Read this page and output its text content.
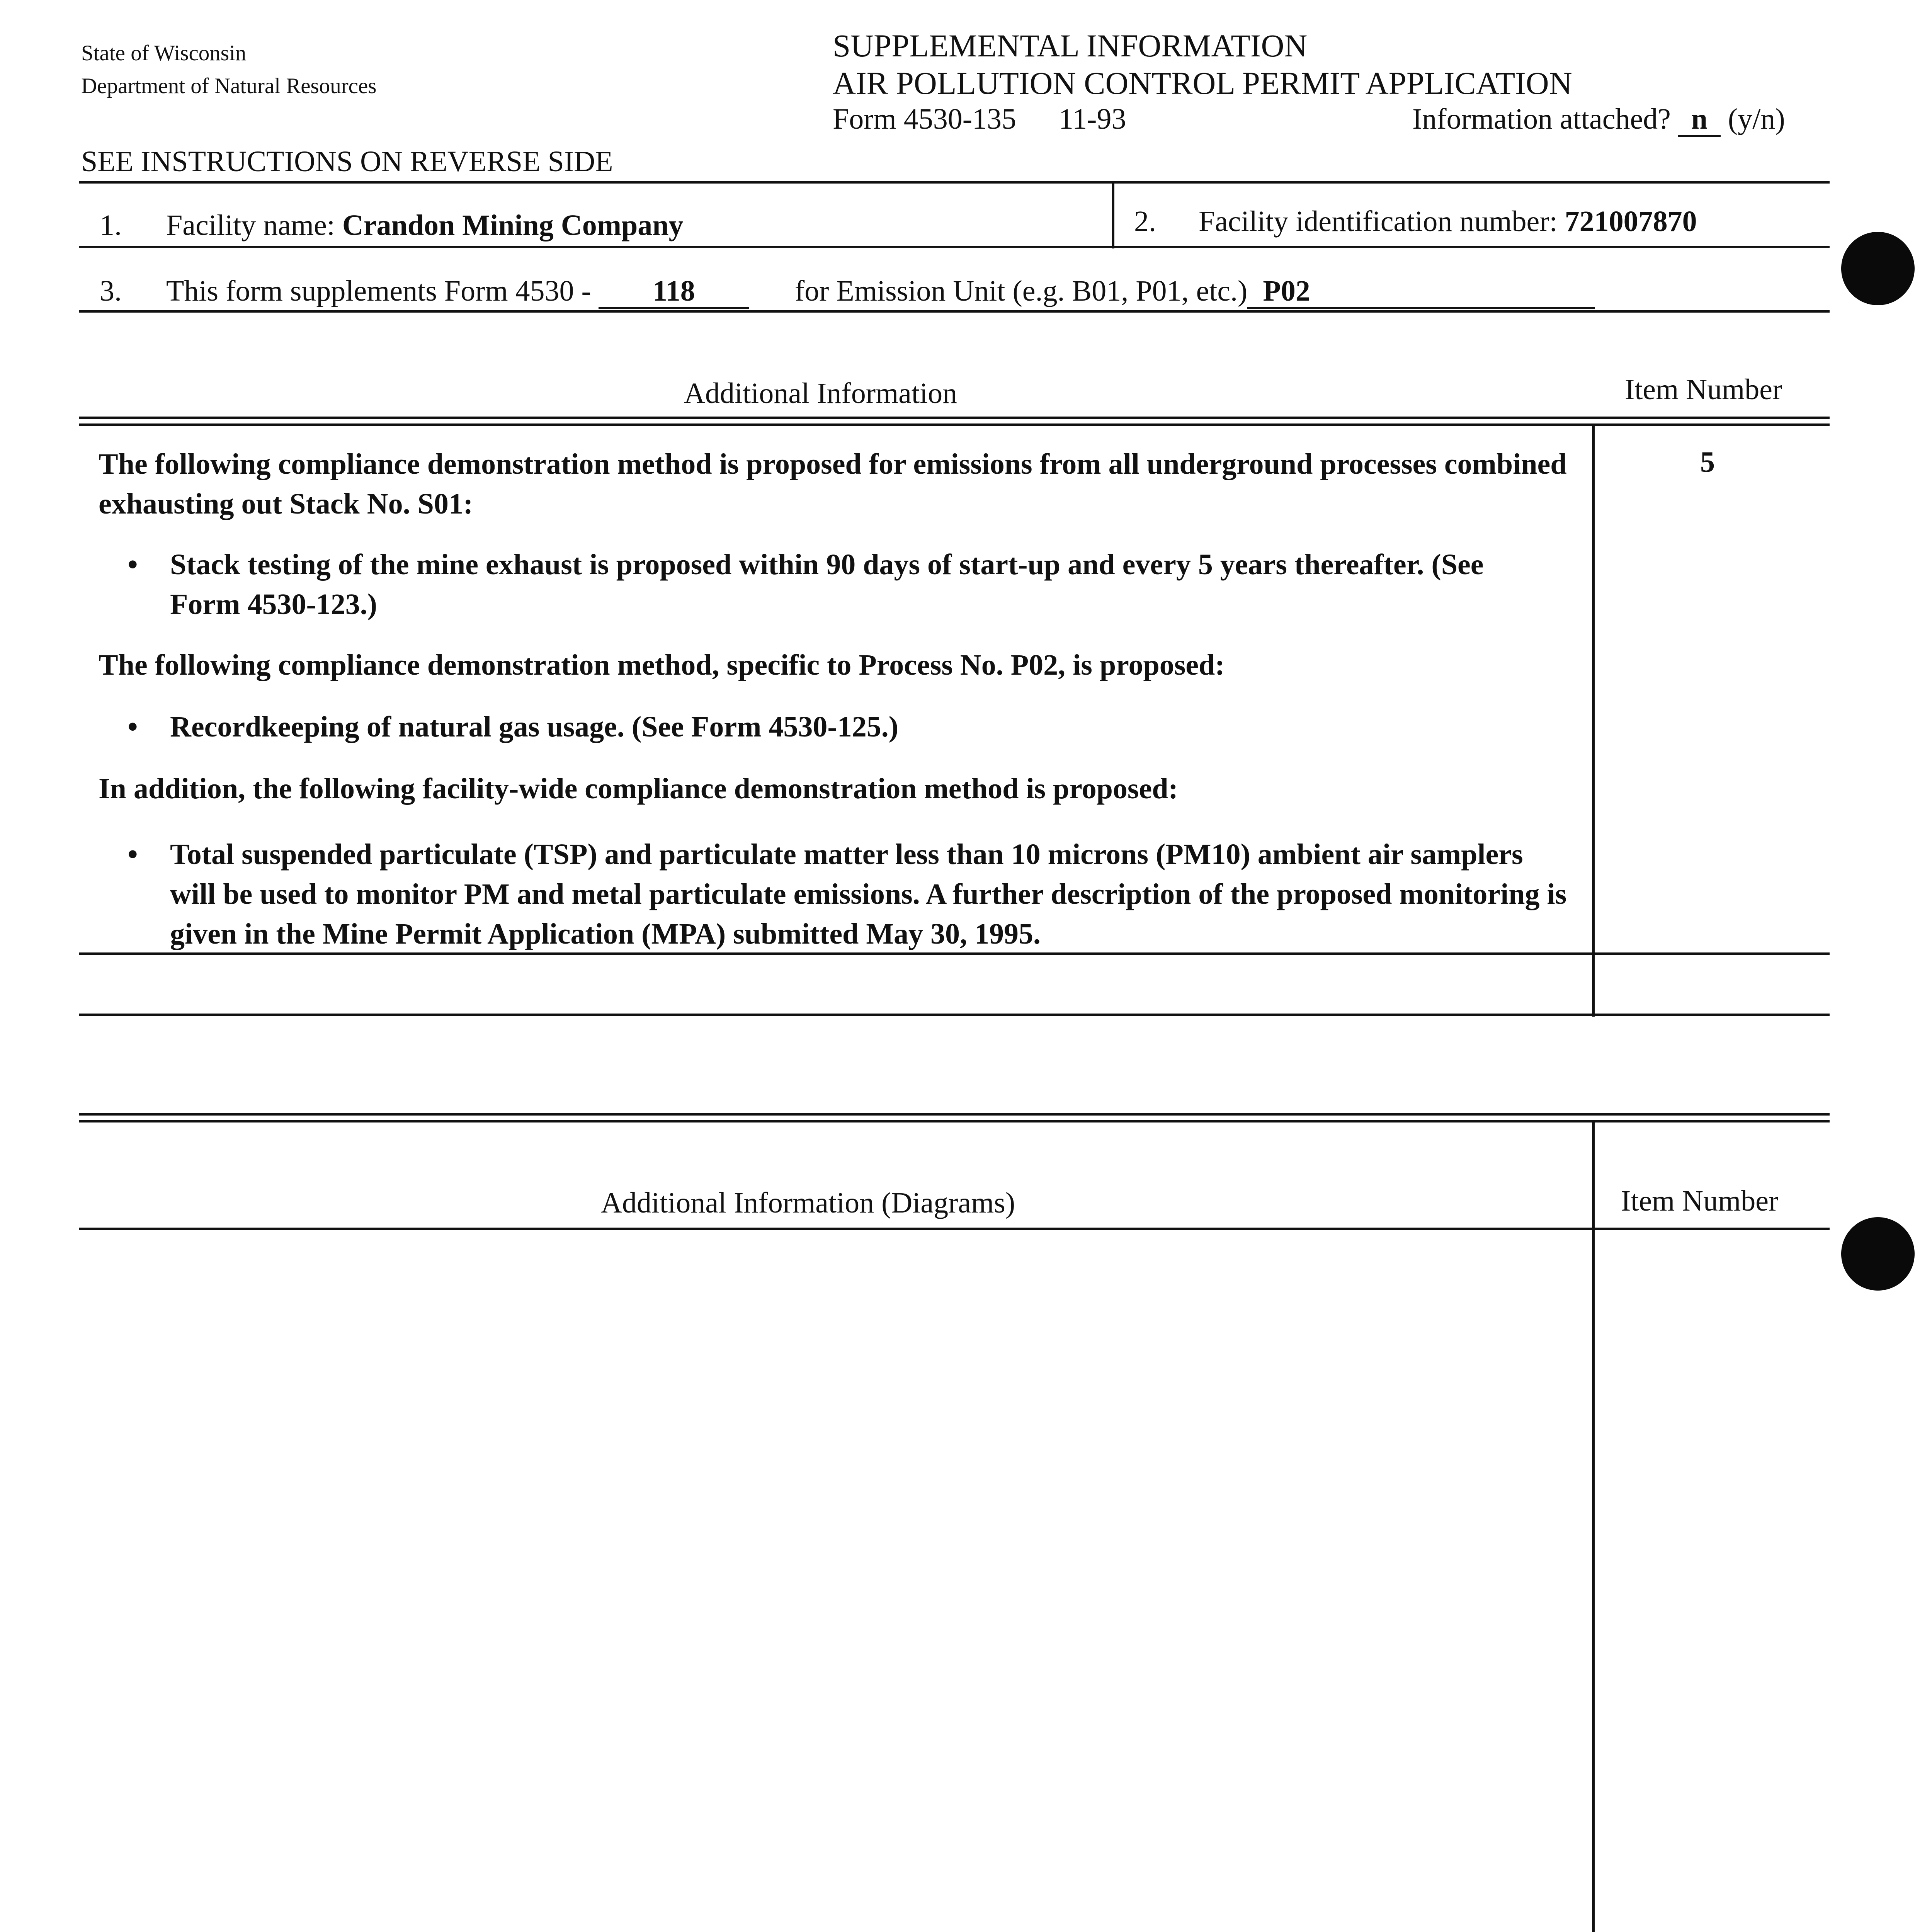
State of Wisconsin
Department of Natural Resources
SUPPLEMENTAL INFORMATION
AIR POLLUTION CONTROL PERMIT APPLICATION
Form 4530-135 11-93	Information attached? n (y/n)
SEE INSTRUCTIONS ON REVERSE SIDE
1. Facility name: Crandon Mining Company	2. Facility identification number: 721007870
3. This form supplements Form 4530 - 118	for Emission Unit (e.g. B01, P01, etc.) P02
Additional Information	Item Number
5
The following compliance demonstration method is proposed for emissions from all underground processes combined exhausting out Stack No. S01:
• Stack testing of the mine exhaust is proposed within 90 days of start-up and every 5 years thereafter. (See Form 4530-123.)
The following compliance demonstration method, specific to Process No. P02, is proposed:
• Recordkeeping of natural gas usage. (See Form 4530-125.)
In addition, the following facility-wide compliance demonstration method is proposed:
• Total suspended particulate (TSP) and particulate matter less than 10 microns (PM10) ambient air samplers will be used to monitor PM and metal particulate emissions. A further description of the proposed monitoring is given in the Mine Permit Application (MPA) submitted May 30, 1995.
Additional Information (Diagrams)	Item Number
